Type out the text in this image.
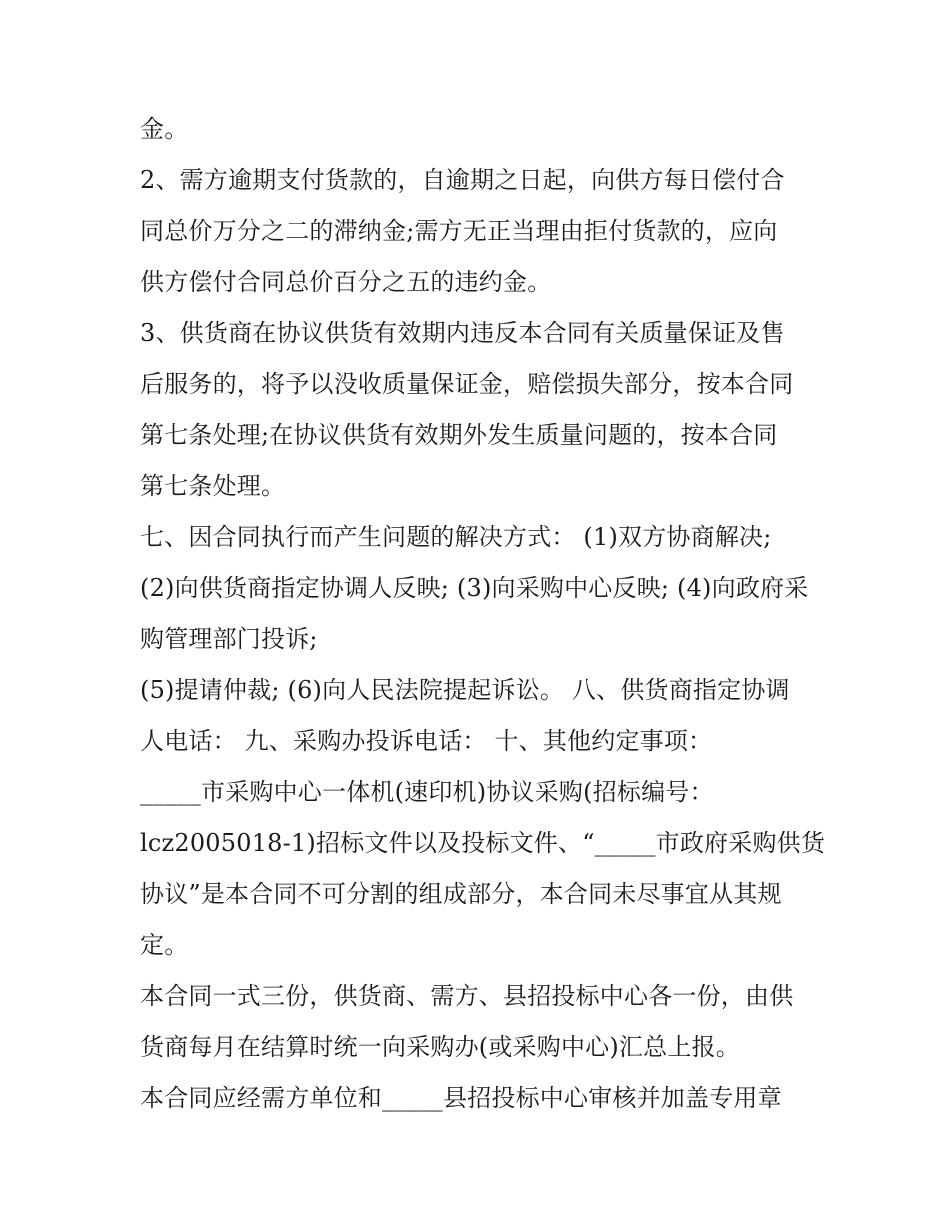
金。
2、需方逾期支付货款的，自逾期之日起，向供方每日偿付合
同总价万分之二的滞纳金;需方无正当理由拒付货款的，应向
供方偿付合同总价百分之五的违约金。
3、供货商在协议供货有效期内违反本合同有关质量保证及售
后服务的，将予以没收质量保证金，赔偿损失部分，按本合同
第七条处理;在协议供货有效期外发生质量问题的，按本合同
第七条处理。
七、因合同执行而产生问题的解决方式： (1)双方协商解决;
(2)向供货商指定协调人反映; (3)向采购中心反映; (4)向政府采
购管理部门投诉;
(5)提请仲裁; (6)向人民法院提起诉讼。 八、供货商指定协调
人电话： 九、采购办投诉电话： 十、其他约定事项：
_____市采购中心一体机(速印机)协议采购(招标编号：
lcz2005018-1)招标文件以及投标文件、“_____市政府采购供货
协议”是本合同不可分割的组成部分，本合同未尽事宜从其规
定。
本合同一式三份，供货商、需方、县招投标中心各一份，由供
货商每月在结算时统一向采购办(或采购中心)汇总上报。
本合同应经需方单位和_____县招投标中心审核并加盖专用章
